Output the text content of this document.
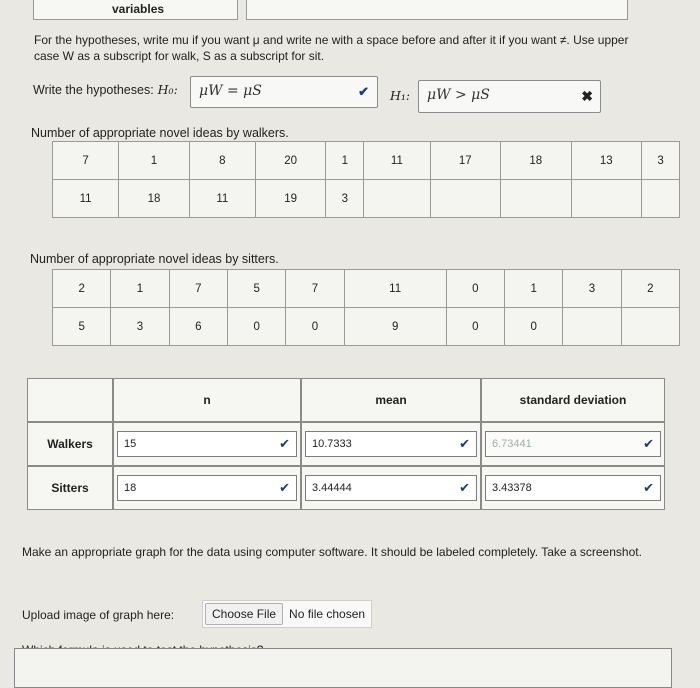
variables
For the hypotheses, write mu if you want μ and write ne with a space before and after it if you want ≠. Use upper case W as a subscript for walk, S as a subscript for sit.
Write the hypotheses: H₀:	μW = μS	✔ H₁:	μW > μS	✖
Number of appropriate novel ideas by walkers.
7	1	8	20	1	11	17	18	13	3
11	18	11	19	3					
Number of appropriate novel ideas by sitters.
2	1	7	5	7	11	0	1	3	2
5	3	6	0	0	9	0	0		
	n	mean	standard deviation
Walkers	15 ✔	10.7333 ✔	6.73441 ✔

Sitters	18 ✔	3.44444 ✔	3.43378 ✔
Make an appropriate graph for the data using computer software. It should be labeled completely. Take a screenshot.
Upload image of graph here:	Choose File	No file chosen
